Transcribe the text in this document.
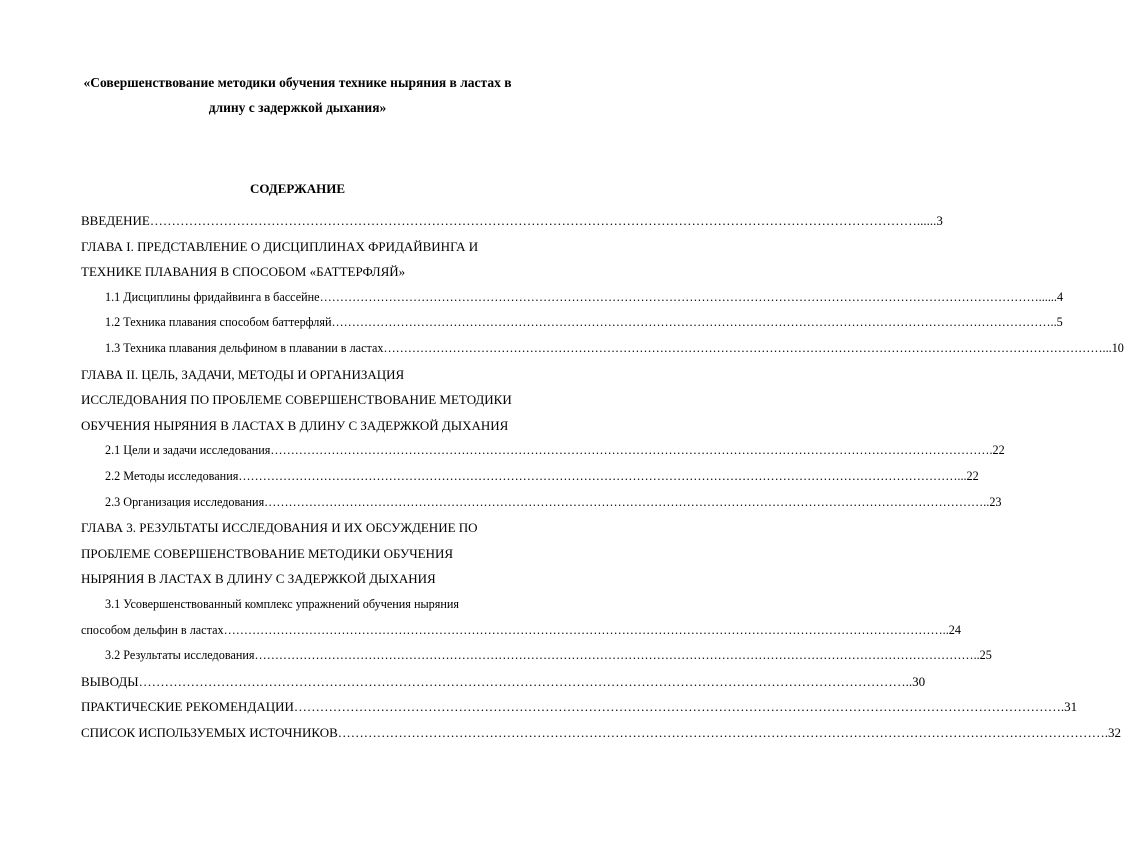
«Совершенствование методики обучения технике ныряния в ластах в
длину с задержкой дыхания»
СОДЕРЖАНИЕ
ВВЕДЕНИЕ …………………………………………………………………………………………………………………………………………………………… ......3
ГЛАВА I. ПРЕДСТАВЛЕНИЕ О ДИСЦИПЛИНАХ ФРИДАЙВИНГА И
ТЕХНИКЕ ПЛАВАНИЯ В СПОСОБОМ «БАТТЕРФЛЯЙ»
1.1 Дисциплины фридайвинга в бассейне …………………………………………………………………………………………………………………………………………………………… ......4
1.2 Техника плавания способом баттерфляй …………………………………………………………………………………………………………………………………………………………… ..5
1.3 Техника плавания дельфином в плавании в ластах …………………………………………………………………………………………………………………………………………………………… ...10
ГЛАВА II. ЦЕЛЬ, ЗАДАЧИ, МЕТОДЫ И ОРГАНИЗАЦИЯ
ИССЛЕДОВАНИЯ ПО ПРОБЛЕМЕ СОВЕРШЕНСТВОВАНИЕ МЕТОДИКИ
ОБУЧЕНИЯ НЫРЯНИЯ В ЛАСТАХ В ДЛИНУ С ЗАДЕРЖКОЙ ДЫХАНИЯ
2.1 Цели и задачи исследования …………………………………………………………………………………………………………………………………………………………… .22
2.2 Методы исследования …………………………………………………………………………………………………………………………………………………………… ...22
2.3 Организация исследования …………………………………………………………………………………………………………………………………………………………… ..23
ГЛАВА 3. РЕЗУЛЬТАТЫ ИССЛЕДОВАНИЯ И ИХ ОБСУЖДЕНИЕ ПО
ПРОБЛЕМЕ СОВЕРШЕНСТВОВАНИЕ МЕТОДИКИ ОБУЧЕНИЯ
НЫРЯНИЯ В ЛАСТАХ В ДЛИНУ С ЗАДЕРЖКОЙ ДЫХАНИЯ
3.1 Усовершенствованный комплекс упражнений обучения ныряния
способом дельфин в ластах …………………………………………………………………………………………………………………………………………………………… ..24
3.2 Результаты исследования …………………………………………………………………………………………………………………………………………………………… ..25
ВЫВОДЫ …………………………………………………………………………………………………………………………………………………………… ..30
ПРАКТИЧЕСКИЕ РЕКОМЕНДАЦИИ …………………………………………………………………………………………………………………………………………………………… .31
СПИСОК ИСПОЛЬЗУЕМЫХ ИСТОЧНИКОВ …………………………………………………………………………………………………………………………………………………………… .32
